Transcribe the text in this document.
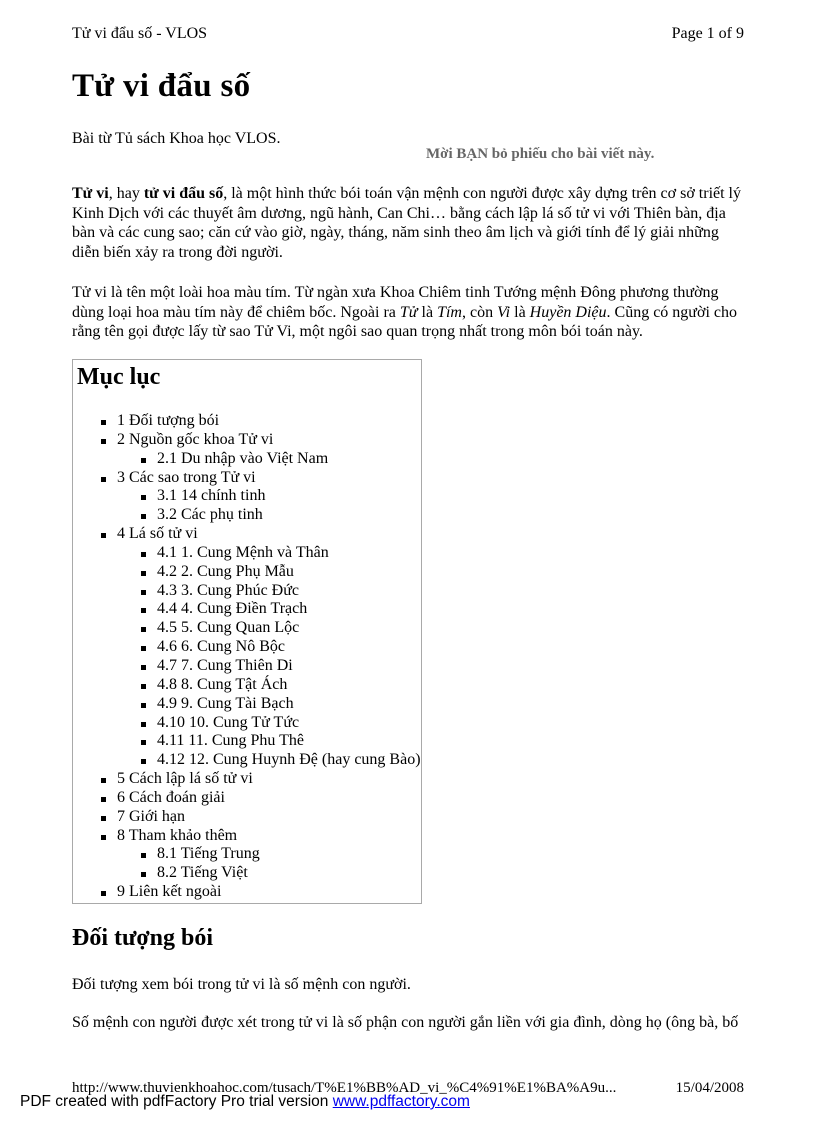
Tử vi đẩu số - VLOS	Page 1 of 9
Tử vi đẩu số
Bài từ Tủ sách Khoa học VLOS.
Mời BẠN bỏ phiếu cho bài viết này.

Tử vi, hay tử vi đẩu số, là một hình thức bói toán vận mệnh con người được xây dựng trên cơ sở triết lý Kinh Dịch với các thuyết âm dương, ngũ hành, Can Chi… bằng cách lập lá số tử vi với Thiên bàn, địa bàn và các cung sao; căn cứ vào giờ, ngày, tháng, năm sinh theo âm lịch và giới tính để lý giải những diễn biến xảy ra trong đời người.

Tử vi là tên một loài hoa màu tím. Từ ngàn xưa Khoa Chiêm tinh Tướng mệnh Đông phương thường dùng loại hoa màu tím này để chiêm bốc. Ngoài ra Tử là Tím, còn Vi là Huyền Diệu. Cũng có người cho rằng tên gọi được lấy từ sao Tử Vi, một ngôi sao quan trọng nhất trong môn bói toán này.

Mục lục
1 Đối tượng bói
2 Nguồn gốc khoa Tử vi
2.1 Du nhập vào Việt Nam
3 Các sao trong Tử vi
3.1 14 chính tinh
3.2 Các phụ tinh
4 Lá số tử vi
4.1 1. Cung Mệnh và Thân
4.2 2. Cung Phụ Mẫu
4.3 3. Cung Phúc Đức
4.4 4. Cung Điền Trạch
4.5 5. Cung Quan Lộc
4.6 6. Cung Nô Bộc
4.7 7. Cung Thiên Di
4.8 8. Cung Tật Ách
4.9 9. Cung Tài Bạch
4.10 10. Cung Tử Tức
4.11 11. Cung Phu Thê
4.12 12. Cung Huynh Đệ (hay cung Bào)
5 Cách lập lá số tử vi
6 Cách đoán giải
7 Giới hạn
8 Tham khảo thêm
8.1 Tiếng Trung
8.2 Tiếng Việt
9 Liên kết ngoài
Đối tượng bói

Đối tượng xem bói trong tử vi là số mệnh con người.

Số mệnh con người được xét trong tử vi là số phận con người gắn liền với gia đình, dòng họ (ông bà, bố

http://www.thuvienkhoahoc.com/tusach/T%E1%BB%AD_vi_%C4%91%E1%BA%A9u...	15/04/2008
PDF created with pdfFactory Pro trial version www.pdffactory.com
